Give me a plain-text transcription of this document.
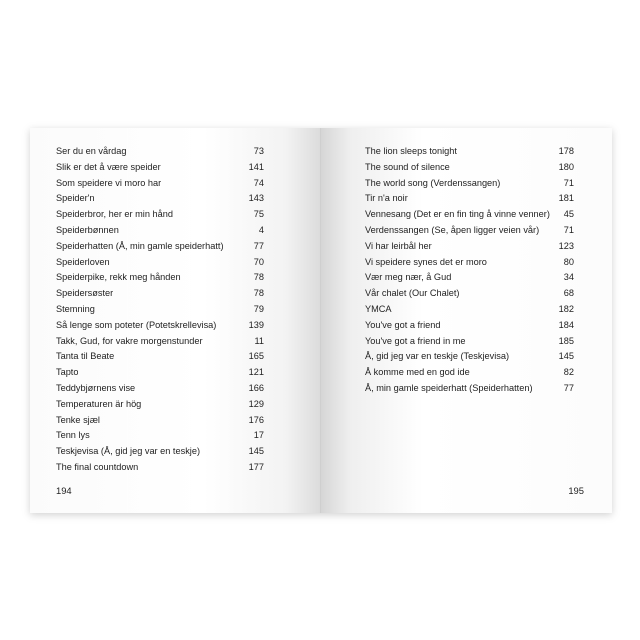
Ser du en vårdag	73
Slik er det å være speider	141
Som speidere vi moro har	74
Speider'n	143
Speiderbror, her er min hånd	75
Speiderbønnen	4
Speiderhatten (Å, min gamle speiderhatt)	77
Speiderloven	70
Speiderpike, rekk meg hånden	78
Speidersøster	78
Stemning	79
Så lenge som poteter (Potetskrellevisa)	139
Takk, Gud, for vakre morgenstunder	11
Tanta til Beate	165
Tapto	121
Teddybjørnens vise	166
Temperaturen är hög	129
Tenke sjæl	176
Tenn lys	17
Teskjevisa (Å, gid jeg var en teskje)	145
The final countdown	177
194
The lion sleeps tonight	178
The sound of silence	180
The world song (Verdenssangen)	71
Tir n'a noir	181
Vennesang (Det er en fin ting å vinne venner)	45
Verdenssangen (Se, åpen ligger veien vår)	71
Vi har leirbål her	123
Vi speidere synes det er moro	80
Vær meg nær, å Gud	34
Vår chalet (Our Chalet)	68
YMCA	182
You've got a friend	184
You've got a friend in me	185
Å, gid jeg var en teskje (Teskjevisa)	145
Å komme med en god ide	82
Å, min gamle speiderhatt (Speiderhatten)	77
195
